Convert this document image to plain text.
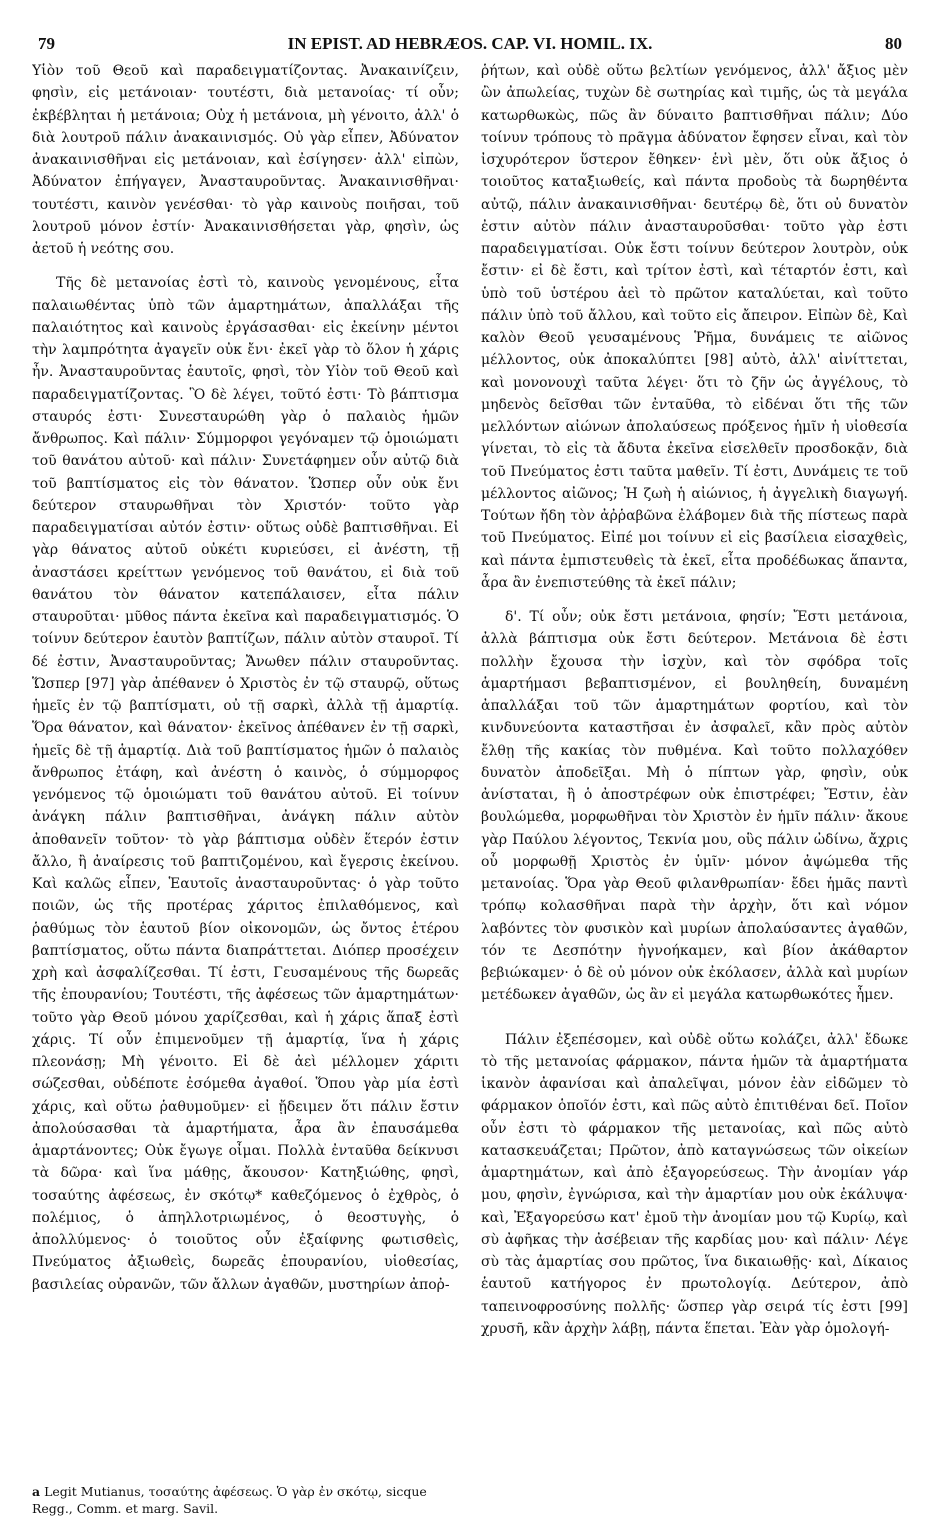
79	IN EPIST. AD HEBRÆOS. CAP. VI. HOMIL. IX.	80

Υἱὸν τοῦ Θεοῦ καὶ παραδειγματίζοντας. Ἀνακαινίζειν, φησὶν, εἰς μετάνοιαν· τουτέστι, διὰ μετανοίας· τί οὖν; ἐκβέβληται ἡ μετάνοια; Οὐχ ἡ μετάνοια, μὴ γένοιτο, ἀλλ' ὁ διὰ λουτροῦ πάλιν ἀνακαινισμός. Οὐ γὰρ εἶπεν, Ἀδύνατον ἀνακαινισθῆναι εἰς μετάνοιαν, καὶ ἐσίγησεν· ἀλλ' εἰπὼν, Ἀδύνατον ἐπήγαγεν, Ἀνασταυροῦντας. Ἀνακαινισθῆναι· τουτέστι, καινὸν γενέσθαι· τὸ γὰρ καινοὺς ποιῆσαι, τοῦ λουτροῦ μόνον ἐστίν· Ἀνακαινισθήσεται γὰρ, φησὶν, ὡς ἀετοῦ ἡ νεότης σου.

Τῆς δὲ μετανοίας ἐστὶ τὸ, καινοὺς γενομένους, εἶτα παλαιωθέντας ὑπὸ τῶν ἁμαρτημάτων, ἀπαλλάξαι τῆς παλαιότητος καὶ καινοὺς ἐργάσασθαι· εἰς ἐκείνην μέντοι τὴν λαμπρότητα ἀγαγεῖν οὐκ ἔνι· ἐκεῖ γὰρ τὸ ὅλον ἡ χάρις ἦν. Ἀνασταυροῦντας ἑαυτοῖς, φησὶ, τὸν Υἱὸν τοῦ Θεοῦ καὶ παραδειγματίζοντας. Ὃ δὲ λέγει, τοῦτό ἐστι· Τὸ βάπτισμα σταυρός ἐστι· Συνεσταυρώθη γὰρ ὁ παλαιὸς ἡμῶν ἄνθρωπος. Καὶ πάλιν· Σύμμορφοι γεγόναμεν τῷ ὁμοιώματι τοῦ θανάτου αὐτοῦ· καὶ πάλιν· Συνετάφημεν οὖν αὐτῷ διὰ τοῦ βαπτίσματος εἰς τὸν θάνατον. Ὥσπερ οὖν οὐκ ἔνι δεύτερον σταυρωθῆναι τὸν Χριστόν· τοῦτο γὰρ παραδειγματίσαι αὐτόν ἐστιν· οὕτως οὐδὲ βαπτισθῆναι. Εἰ γὰρ θάνατος αὐτοῦ οὐκέτι κυριεύσει, εἰ ἀνέστη, τῇ ἀναστάσει κρείττων γενόμενος τοῦ θανάτου, εἰ διὰ τοῦ θανάτου τὸν θάνατον κατεπάλαισεν, εἶτα πάλιν σταυροῦται· μῦθος πάντα ἐκεῖνα καὶ παραδειγματισμός. Ὁ τοίνυν δεύτερον ἑαυτὸν βαπτίζων, πάλιν αὐτὸν σταυροῖ. Τί δέ ἐστιν, Ἀνασταυροῦντας; Ἄνωθεν πάλιν σταυροῦντας. Ὥσπερ [97] γὰρ ἀπέθανεν ὁ Χριστὸς ἐν τῷ σταυρῷ, οὕτως ἡμεῖς ἐν τῷ βαπτίσματι, οὐ τῇ σαρκὶ, ἀλλὰ τῇ ἁμαρτίᾳ. Ὅρα θάνατον, καὶ θάνατον· ἐκεῖνος ἀπέθανεν ἐν τῇ σαρκὶ, ἡμεῖς δὲ τῇ ἁμαρτίᾳ. Διὰ τοῦ βαπτίσματος ἡμῶν ὁ παλαιὸς ἄνθρωπος ἐτάφη, καὶ ἀνέστη ὁ καινὸς, ὁ σύμμορφος γενόμενος τῷ ὁμοιώματι τοῦ θανάτου αὐτοῦ. Εἰ τοίνυν ἀνάγκη πάλιν βαπτισθῆναι, ἀνάγκη πάλιν αὐτὸν ἀποθανεῖν τοῦτον· τὸ γὰρ βάπτισμα οὐδὲν ἕτερόν ἐστιν ἄλλο, ἢ ἀναίρεσις τοῦ βαπτιζομένου, καὶ ἔγερσις ἐκείνου. Καὶ καλῶς εἶπεν, Ἑαυτοῖς ἀνασταυροῦντας· ὁ γὰρ τοῦτο ποιῶν, ὡς τῆς προτέρας χάριτος ἐπιλαθόμενος, καὶ ῥαθύμως τὸν ἑαυτοῦ βίον οἰκονομῶν, ὡς ὄντος ἑτέρου βαπτίσματος, οὕτω πάντα διαπράττεται. Διόπερ προσέχειν χρὴ καὶ ἀσφαλίζεσθαι. Τί ἐστι, Γευσαμένους τῆς δωρεᾶς τῆς ἐπουρανίου; Τουτέστι, τῆς ἀφέσεως τῶν ἁμαρτημάτων· τοῦτο γὰρ Θεοῦ μόνου χαρίζεσθαι, καὶ ἡ χάρις ἅπαξ ἐστὶ χάρις. Τί οὖν ἐπιμενοῦμεν τῇ ἁμαρτίᾳ, ἵνα ἡ χάρις πλεονάσῃ; Μὴ γένοιτο. Εἰ δὲ ἀεὶ μέλλομεν χάριτι σώζεσθαι, οὐδέποτε ἐσόμεθα ἀγαθοί. Ὅπου γὰρ μία ἐστὶ χάρις, καὶ οὕτω ῥαθυμοῦμεν· εἰ ᾔδειμεν ὅτι πάλιν ἔστιν ἀπολούσασθαι τὰ ἁμαρτήματα, ἆρα ἂν ἐπαυσάμεθα ἁμαρτάνοντες; Οὐκ ἔγωγε οἶμαι. Πολλὰ ἐνταῦθα δείκνυσι τὰ δῶρα· καὶ ἵνα μάθῃς, ἄκουσον· Κατηξιώθης, φησὶ, τοσαύτης ἀφέσεως, ἐν σκότῳ* καθεζόμενος ὁ ἐχθρὸς, ὁ πολέμιος, ὁ ἀπηλλοτριωμένος, ὁ θεοστυγὴς, ὁ ἀπολλύμενος· ὁ τοιοῦτος οὖν ἐξαίφνης φωτισθεὶς, Πνεύματος ἀξιωθεὶς, δωρεᾶς ἐπουρανίου, υἱοθεσίας, βασιλείας οὐρανῶν, τῶν ἄλλων ἀγαθῶν, μυστηρίων ἀποῤ-

ῥήτων, καὶ οὐδὲ οὕτω βελτίων γενόμενος, ἀλλ' ἄξιος μὲν ὢν ἀπωλείας, τυχὼν δὲ σωτηρίας καὶ τιμῆς, ὡς τὰ μεγάλα κατωρθωκὼς, πῶς ἂν δύναιτο βαπτισθῆναι πάλιν; Δύο τοίνυν τρόπους τὸ πρᾶγμα ἀδύνατον ἔφησεν εἶναι, καὶ τὸν ἰσχυρότερον ὕστερον ἔθηκεν· ἑνὶ μὲν, ὅτι οὐκ ἄξιος ὁ τοιοῦτος καταξιωθείς, καὶ πάντα προδοὺς τὰ δωρηθέντα αὐτῷ, πάλιν ἀνακαινισθῆναι· δευτέρῳ δὲ, ὅτι οὐ δυνατὸν ἐστιν αὐτὸν πάλιν ἀνασταυροῦσθαι· τοῦτο γὰρ ἐστι παραδειγματίσαι. Οὐκ ἔστι τοίνυν δεύτερον λουτρὸν, οὐκ ἔστιν· εἰ δὲ ἔστι, καὶ τρίτον ἐστὶ, καὶ τέταρτόν ἐστι, καὶ ὑπὸ τοῦ ὑστέρου ἀεὶ τὸ πρῶτον καταλύεται, καὶ τοῦτο πάλιν ὑπὸ τοῦ ἄλλου, καὶ τοῦτο εἰς ἄπειρον. Εἰπὼν δὲ, Καὶ καλὸν Θεοῦ γευσαμένους Ῥῆμα, δυνάμεις τε αἰῶνος μέλλοντος, οὐκ ἀποκαλύπτει [98] αὐτὸ, ἀλλ' αἰνίττεται, καὶ μονονουχὶ ταῦτα λέγει· ὅτι τὸ ζῆν ὡς ἀγγέλους, τὸ μηδενὸς δεῖσθαι τῶν ἐνταῦθα, τὸ εἰδέναι ὅτι τῆς τῶν μελλόντων αἰώνων ἀπολαύσεως πρόξενος ἡμῖν ἡ υἱοθεσία γίνεται, τὸ εἰς τὰ ἄδυτα ἐκεῖνα εἰσελθεῖν προσδοκᾷν, διὰ τοῦ Πνεύματος ἐστι ταῦτα μαθεῖν. Τί ἐστι, Δυνάμεις τε τοῦ μέλλοντος αἰῶνος; Ἡ ζωὴ ἡ αἰώνιος, ἡ ἀγγελικὴ διαγωγή. Τούτων ἤδη τὸν ἀῤῥαβῶνα ἐλάβομεν διὰ τῆς πίστεως παρὰ τοῦ Πνεύματος. Εἰπέ μοι τοίνυν εἰ εἰς βασίλεια εἰσαχθεὶς, καὶ πάντα ἐμπιστευθεὶς τὰ ἐκεῖ, εἶτα προδέδωκας ἅπαντα, ἆρα ἂν ἐνεπιστεύθης τὰ ἐκεῖ πάλιν;

δ'. Τί οὖν; οὐκ ἔστι μετάνοια, φησίν; Ἔστι μετάνοια, ἀλλὰ βάπτισμα οὐκ ἔστι δεύτερον. Μετάνοια δὲ ἐστι πολλὴν ἔχουσα τὴν ἰσχὺν, καὶ τὸν σφόδρα τοῖς ἁμαρτήμασι βεβαπτισμένον, εἰ βουληθείη, δυναμένη ἀπαλλάξαι τοῦ τῶν ἁμαρτημάτων φορτίου, καὶ τὸν κινδυνεύοντα καταστῆσαι ἐν ἀσφαλεῖ, κἂν πρὸς αὐτὸν ἔλθῃ τῆς κακίας τὸν πυθμένα. Καὶ τοῦτο πολλαχόθεν δυνατὸν ἀποδεῖξαι. Μὴ ὁ πίπτων γὰρ, φησὶν, οὐκ ἀνίσταται, ἢ ὁ ἀποστρέφων οὐκ ἐπιστρέφει; Ἔστιν, ἐὰν βουλώμεθα, μορφωθῆναι τὸν Χριστὸν ἐν ἡμῖν πάλιν· ἄκουε γὰρ Παύλου λέγοντος, Τεκνία μου, οὓς πάλιν ὠδίνω, ἄχρις οὗ μορφωθῇ Χριστὸς ἐν ὑμῖν· μόνον ἀψώμεθα τῆς μετανοίας. Ὅρα γὰρ Θεοῦ φιλανθρωπίαν· ἔδει ἡμᾶς παντὶ τρόπῳ κολασθῆναι παρὰ τὴν ἀρχὴν, ὅτι καὶ νόμον λαβόντες τὸν φυσικὸν καὶ μυρίων ἀπολαύσαντες ἀγαθῶν, τόν τε Δεσπότην ἠγνοήκαμεν, καὶ βίον ἀκάθαρτον βεβιώκαμεν· ὁ δὲ οὐ μόνον οὐκ ἐκόλασεν, ἀλλὰ καὶ μυρίων μετέδωκεν ἀγαθῶν, ὡς ἂν εἰ μεγάλα κατωρθωκότες ἦμεν.

Πάλιν ἐξεπέσομεν, καὶ οὐδὲ οὕτω κολάζει, ἀλλ' ἔδωκε τὸ τῆς μετανοίας φάρμακον, πάντα ἡμῶν τὰ ἁμαρτήματα ἱκανὸν ἀφανίσαι καὶ ἀπαλεῖψαι, μόνον ἐὰν εἰδῶμεν τὸ φάρμακον ὁποῖόν ἐστι, καὶ πῶς αὐτὸ ἐπιτιθέναι δεῖ. Ποῖον οὖν ἐστι τὸ φάρμακον τῆς μετανοίας, καὶ πῶς αὐτὸ κατασκευάζεται; Πρῶτον, ἀπὸ καταγνώσεως τῶν οἰκείων ἁμαρτημάτων, καὶ ἀπὸ ἐξαγορεύσεως. Τὴν ἀνομίαν γάρ μου, φησὶν, ἐγνώρισα, καὶ τὴν ἁμαρτίαν μου οὐκ ἐκάλυψα· καὶ, Ἐξαγορεύσω κατ' ἐμοῦ τὴν ἀνομίαν μου τῷ Κυρίῳ, καὶ σὺ ἀφῆκας τὴν ἀσέβειαν τῆς καρδίας μου· καὶ πάλιν· Λέγε σὺ τὰς ἁμαρτίας σου πρῶτος, ἵνα δικαιωθῇς· καὶ, Δίκαιος ἑαυτοῦ κατήγορος ἐν πρωτολογίᾳ. Δεύτερον, ἀπὸ ταπεινοφροσύνης πολλῆς· ὥσπερ γὰρ σειρά τίς ἐστι [99] χρυσῆ, κἂν ἀρχὴν λάβῃ, πάντα ἕπεται. Ἐὰν γὰρ ὁμολογή-

a Legit Mutianus, τοσαύτης ἀφέσεως. Ὁ γὰρ ἐν σκότῳ, sicque Regg., Comm. et marg. Savil.
